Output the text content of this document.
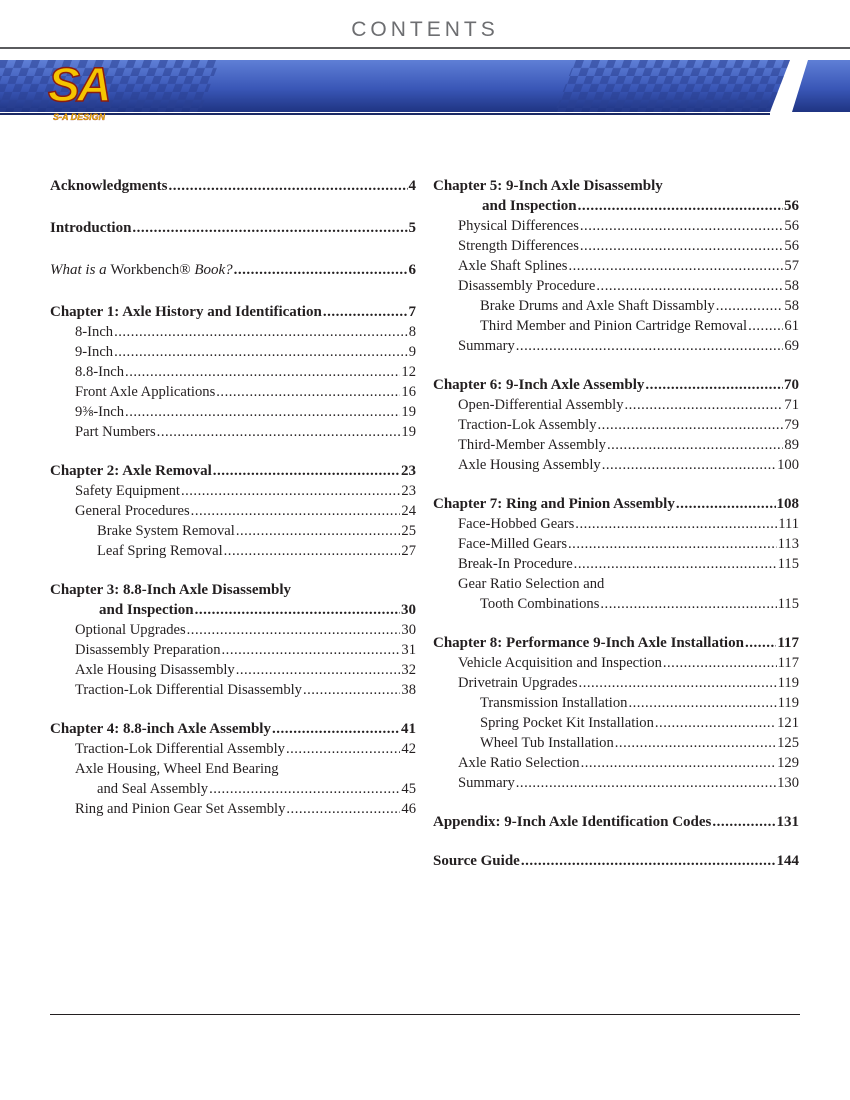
CONTENTS
SA
S-A DESIGN
Acknowledgments .....	4
Introduction .....	5
What is a Workbench® Book? .....	6
Chapter 1: Axle History and Identification .....	7
8-Inch .....	8
9-Inch .....	9
8.8-Inch .....	12
Front Axle Applications .....	16
9⅜-Inch .....	19
Part Numbers .....	19
Chapter 2: Axle Removal .....	23
Safety Equipment .....	23
General Procedures .....	24
Brake System Removal .....	25
Leaf Spring Removal .....	27
Chapter 3: 8.8-Inch Axle Disassembly
and Inspection .....	30
Optional Upgrades .....	30
Disassembly Preparation .....	31
Axle Housing Disassembly .....	32
Traction-Lok Differential Disassembly .....	38
Chapter 4: 8.8-inch Axle Assembly .....	41
Traction-Lok Differential Assembly .....	42
Axle Housing, Wheel End Bearing
and Seal Assembly .....	45
Ring and Pinion Gear Set Assembly .....	46
Chapter 5: 9-Inch Axle Disassembly
and Inspection .....	56
Physical Differences .....	56
Strength Differences .....	56
Axle Shaft Splines .....	57
Disassembly Procedure .....	58
Brake Drums and Axle Shaft Dissambly .....	58
Third Member and Pinion Cartridge Removal .....	61
Summary .....	69
Chapter 6: 9-Inch Axle Assembly .....	70
Open-Differential Assembly .....	71
Traction-Lok Assembly .....	79
Third-Member Assembly .....	89
Axle Housing Assembly .....	100
Chapter 7: Ring and Pinion Assembly .....	108
Face-Hobbed Gears .....	111
Face-Milled Gears .....	113
Break-In Procedure .....	115
Gear Ratio Selection and
Tooth Combinations .....	115
Chapter 8: Performance 9-Inch Axle Installation ..... 117
Vehicle Acquisition and Inspection .....	117
Drivetrain Upgrades .....	119
Transmission Installation .....	119
Spring Pocket Kit Installation .....	121
Wheel Tub Installation .....	125
Axle Ratio Selection .....	129
Summary .....	130
Appendix: 9-Inch Axle Identification Codes .....	131
Source Guide .....	144
